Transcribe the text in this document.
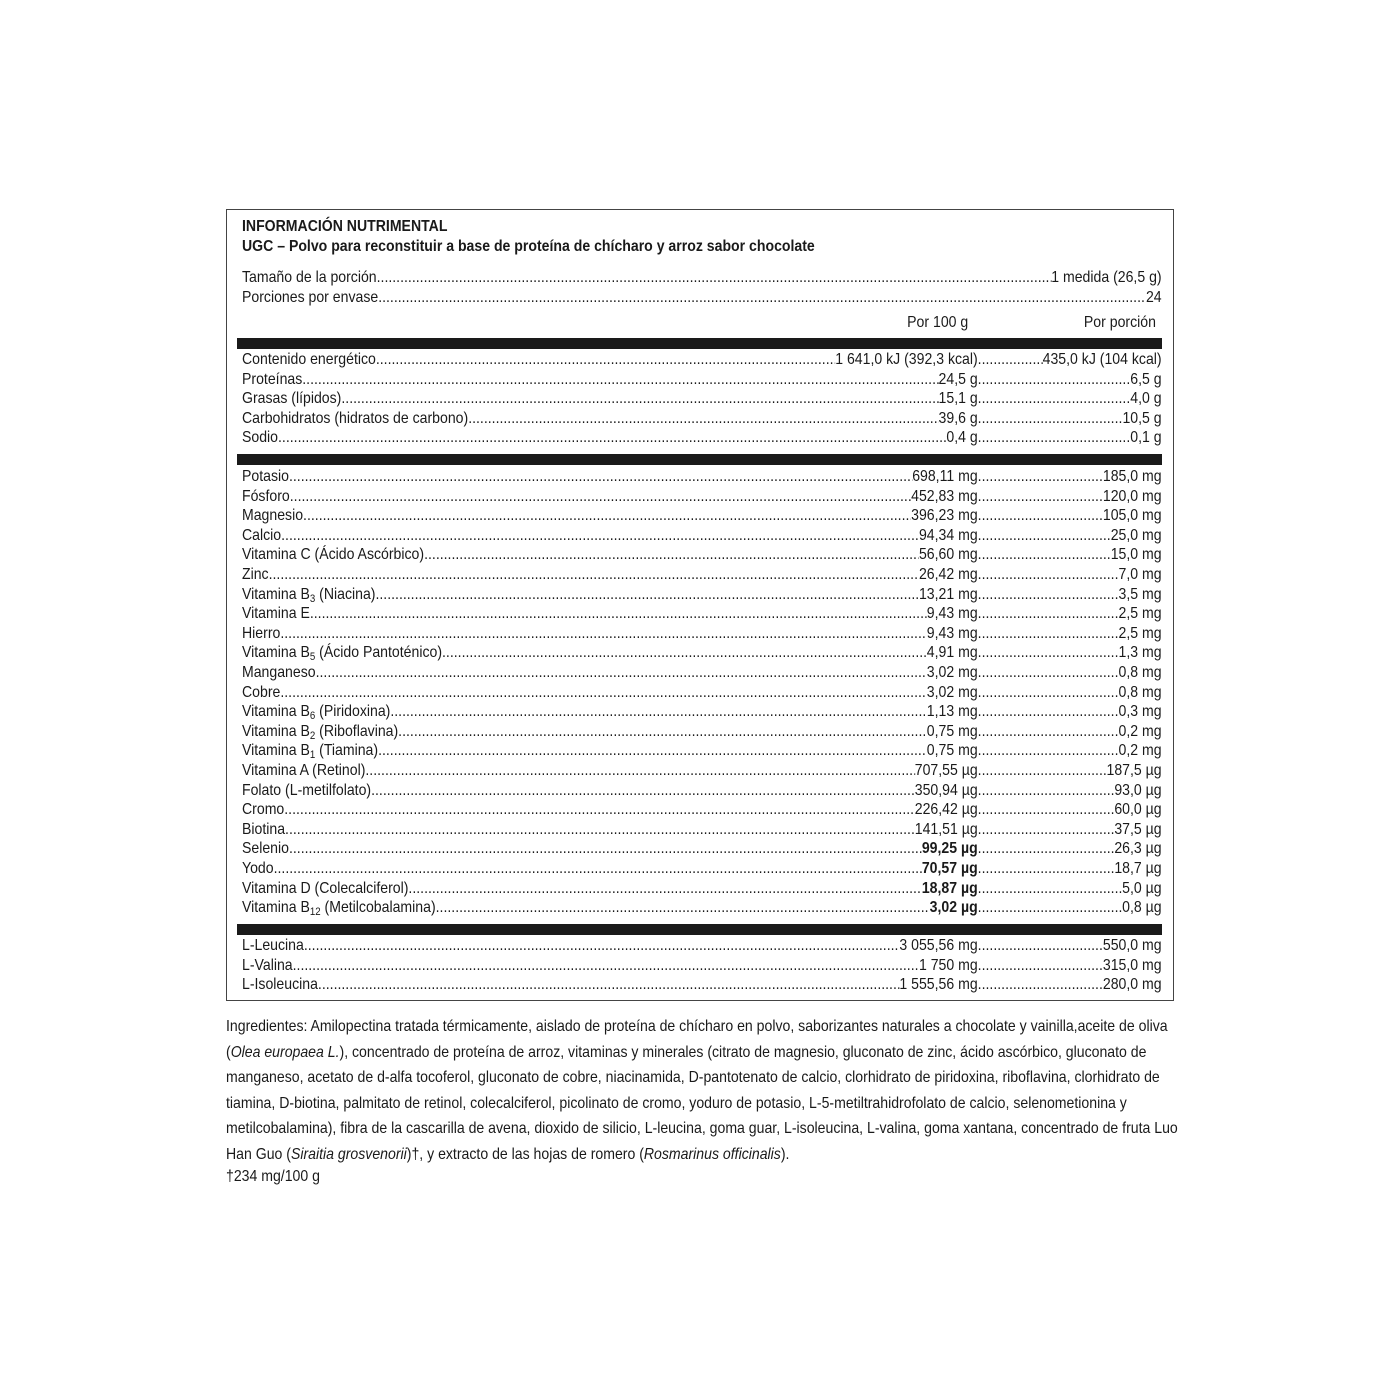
INFORMACIÓN NUTRIMENTAL
UGC – Polvo para reconstituir a base de proteína de chícharo y arroz sabor chocolate
Tamaño de la porción .....	1 medida (26,5 g)
Porciones por envase .....	24
Por 100 g	Por porción
Contenido energético .....	1 641,0 kJ (392,3 kcal) .....	435,0 kJ (104 kcal)
Proteínas .....	24,5 g .....	6,5 g
Grasas (lípidos) .....	15,1 g .....	4,0 g
Carbohidratos (hidratos de carbono) .....	39,6 g .....	10,5 g
Sodio .....	0,4 g .....	0,1 g
Potasio .....	698,11 mg .....	185,0 mg
Fósforo .....	452,83 mg .....	120,0 mg
Magnesio .....	396,23 mg .....	105,0 mg
Calcio .....	94,34 mg .....	25,0 mg
Vitamina C (Ácido Ascórbico) .....	56,60 mg .....	15,0 mg
Zinc .....	26,42 mg .....	7,0 mg
Vitamina $B_3$ (Niacina) .....	13,21 mg .....	3,5 mg
Vitamina E .....	9,43 mg .....	2,5 mg
Hierro .....	9,43 mg .....	2,5 mg
Vitamina $B_5$ (Ácido Pantoténico) .....	4,91 mg .....	1,3 mg
Manganeso .....	3,02 mg .....	0,8 mg
Cobre .....	3,02 mg .....	0,8 mg
Vitamina $B_6$ (Piridoxina) .....	1,13 mg .....	0,3 mg
Vitamina $B_2$ (Riboflavina) .....	0,75 mg .....	0,2 mg
Vitamina $B_1$ (Tiamina) .....	0,75 mg .....	0,2 mg
Vitamina A (Retinol) .....	707,55 µg .....	187,5 µg
Folato (L-metilfolato) .....	350,94 µg .....	93,0 µg
Cromo .....	226,42 µg .....	60,0 µg
Biotina .....	141,51 µg .....	37,5 µg
Selenio .....	99,25 µg .....	26,3 µg
Yodo .....	70,57 µg .....	18,7 µg
Vitamina D (Colecalciferol) .....	18,87 µg .....	5,0 µg
Vitamina $B_{12}$ (Metilcobalamina) .....	3,02 µg .....	0,8 µg
L-Leucina .....	3 055,56 mg .....	550,0 mg
L-Valina .....	1 750 mg .....	315,0 mg
L-Isoleucina .....	1 555,56 mg .....	280,0 mg

Ingredientes: Amilopectina tratada térmicamente, aislado de proteína de chícharo en polvo, saborizantes naturales a chocolate y vainilla,aceite de oliva (Olea europaea L.), concentrado de proteína de arroz, vitaminas y minerales (citrato de magnesio, gluconato de zinc, ácido ascórbico, gluconato de manganeso, acetato de d-alfa tocoferol, gluconato de cobre, niacinamida, D-pantotenato de calcio, clorhidrato de piridoxina, riboflavina, clorhidrato de tiamina, D-biotina, palmitato de retinol, colecalciferol, picolinato de cromo, yoduro de potasio, L-5-metiltrahidrofolato de calcio, selenometionina y metilcobalamina), fibra de la cascarilla de avena, dioxido de silicio, L-leucina, goma guar, L-isoleucina, L-valina, goma xantana, concentrado de fruta Luo Han Guo (Siraitia grosvenorii)†, y extracto de las hojas de romero (Rosmarinus officinalis).

†234 mg/100 g
